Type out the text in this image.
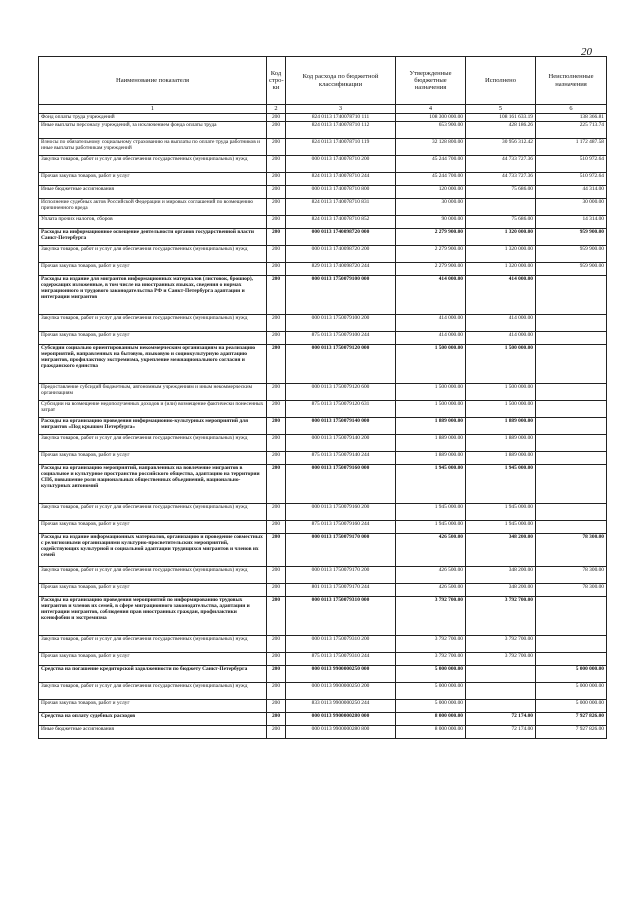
20
Наименование показателя	Код стро-ки	Код расхода по бюджетной классификации	Утвержденные бюджетные назначения	Исполнено	Неисполненные назначения
1	2	3	4	5	6
Фонд оплаты труда учреждений	200	824 0113 1740078710 111	108 300 000.00	108 161 633.19	138 366.81
Иные выплаты персоналу учреждений, за исключением фонда оплаты труда	200	824 0113 1740078710 112	653 900.00	428 186.26	225 713.74
Взносы по обязательному социальному страхованию на выплаты по оплате труда работников и иные выплаты работникам учреждений	200	824 0113 1740078710 119	32 128 800.00	30 956 312.42	1 172 487.58
Закупка товаров, работ и услуг для обеспечения государственных (муниципальных) нужд	200	000 0113 1740078710 200	45 244 700.00	44 733 727.36	510 972.64
Прочая закупка товаров, работ и услуг	200	824 0113 1740078710 244	45 244 700.00	44 733 727.36	510 972.64
Иные бюджетные ассигнования	200	000 0113 1740078710 800	120 000.00	75 686.00	44 314.00
Исполнение судебных актов Российской Федерации и мировых соглашений по возмещению причиненного вреда	200	824 0113 1740078710 831	30 000.00		30 000.00
Уплата прочих налогов, сборов	200	824 0113 1740078710 852	90 000.00	75 686.00	14 314.00
Расходы на информационное освещение деятельности органов государственной власти Санкт-Петербурга	200	000 0113 1740098720 000	2 279 900.00	1 320 000.00	959 900.00
Закупка товаров, работ и услуг для обеспечения государственных (муниципальных) нужд	200	000 0113 1740098720 200	2 279 900.00	1 320 000.00	959 900.00
Прочая закупка товаров, работ и услуг	200	829 0113 1740098720 244	2 279 900.00	1 320 000.00	959 900.00
Расходы на издание для мигрантов информационных материалов (листовок, брошюр), содержащих изложенные, в том числе на иностранных языках, сведения о нормах миграционного и трудового законодательства РФ и Санкт-Петербурга адаптации и интеграции мигрантов	200	000 0113 1750079100 000	414 000.00	414 000.00	
Закупка товаров, работ и услуг для обеспечения государственных (муниципальных) нужд	200	000 0113 1750079100 200	414 000.00	414 000.00	
Прочая закупка товаров, работ и услуг	200	875 0113 1750079100 244	414 000.00	414 000.00	
Субсидии социально ориентированным некоммерческим организациям на реализацию мероприятий, направленных на бытовую, языковую и социокультурную адаптацию мигрантов, профилактику экстремизма, укрепление межнационального согласия и гражданского единства	200	000 0113 1750079120 000	1 500 000.00	1 500 000.00	
Предоставление субсидий бюджетным, автономным учреждениям и иным некоммерческим организациям	200	000 0113 1750079120 600	1 500 000.00	1 500 000.00	
Субсидии на возмещение недополученных доходов и (или) возмещение фактически понесенных затрат	200	875 0113 1750079120 631	1 500 000.00	1 500 000.00	
Расходы на организацию проведения информационно-культурных мероприятий для мигрантов «Под крышом Петербурга»	200	000 0113 1750079140 000	1 889 000.00	1 889 000.00	
Закупка товаров, работ и услуг для обеспечения государственных (муниципальных) нужд	200	000 0113 1750079140 200	1 889 000.00	1 889 000.00	
Прочая закупка товаров, работ и услуг	200	875 0113 1750079140 244	1 889 000.00	1 889 000.00	
Расходы на организацию мероприятий, направленных на вовлечение мигрантов в социальное и культурное пространство российского общества, адаптацию на территории СПб, повышение роли национальных общественных объединений, национально-культурных автономий	200	000 0113 1750079160 000	1 945 000.00	1 945 000.00	
Закупка товаров, работ и услуг для обеспечения государственных (муниципальных) нужд	200	000 0113 1750079160 200	1 945 000.00	1 945 000.00	
Прочая закупка товаров, работ и услуг	200	875 0113 1750079160 244	1 945 000.00	1 945 000.00	
Расходы на издание информационных материалов, организацию и проведение совместных с религиозными организациями культурно-просветительских мероприятий, содействующих культурной и социальной адаптации трудящихся мигрантов и членов их семей	200	000 0113 1750079170 000	426 500.00	348 200.00	78 300.00
Закупка товаров, работ и услуг для обеспечения государственных (муниципальных) нужд	200	000 0113 1750079170 200	426 500.00	348 200.00	78 300.00
Прочая закупка товаров, работ и услуг	200	801 0113 1750079170 244	426 500.00	348 200.00	78 300.00
Расходы на организацию проведения мероприятий по информированию трудовых мигрантов и членов их семей, в сфере миграционного законодательства, адаптации и интеграции мигрантов, соблюдения прав иностранных граждан, профилактики ксенофобии и экстремизма	200	000 0113 1750079310 000	3 792 700.00	3 792 700.00	
Закупка товаров, работ и услуг для обеспечения государственных (муниципальных) нужд	200	000 0113 1750079310 200	3 792 700.00	3 792 700.00	
Прочая закупка товаров, работ и услуг	200	875 0113 1750079310 244	3 792 700.00	3 792 700.00	
Средства на погашение кредиторской задолженности по бюджету Санкт-Петербурга	200	000 0113 9900000250 000	5 000 000.00		5 000 000.00
Закупка товаров, работ и услуг для обеспечения государственных (муниципальных) нужд	200	000 0113 9900000250 200	5 000 000.00		5 000 000.00
Прочая закупка товаров, работ и услуг	200	833 0113 9900000250 244	5 000 000.00		5 000 000.00
Средства на оплату судебных расходов	200	000 0113 9900000280 000	8 000 000.00	72 174.00	7 927 826.00
Иные бюджетные ассигнования	200	000 0113 9900000280 800	8 000 000.00	72 174.00	7 927 826.00
